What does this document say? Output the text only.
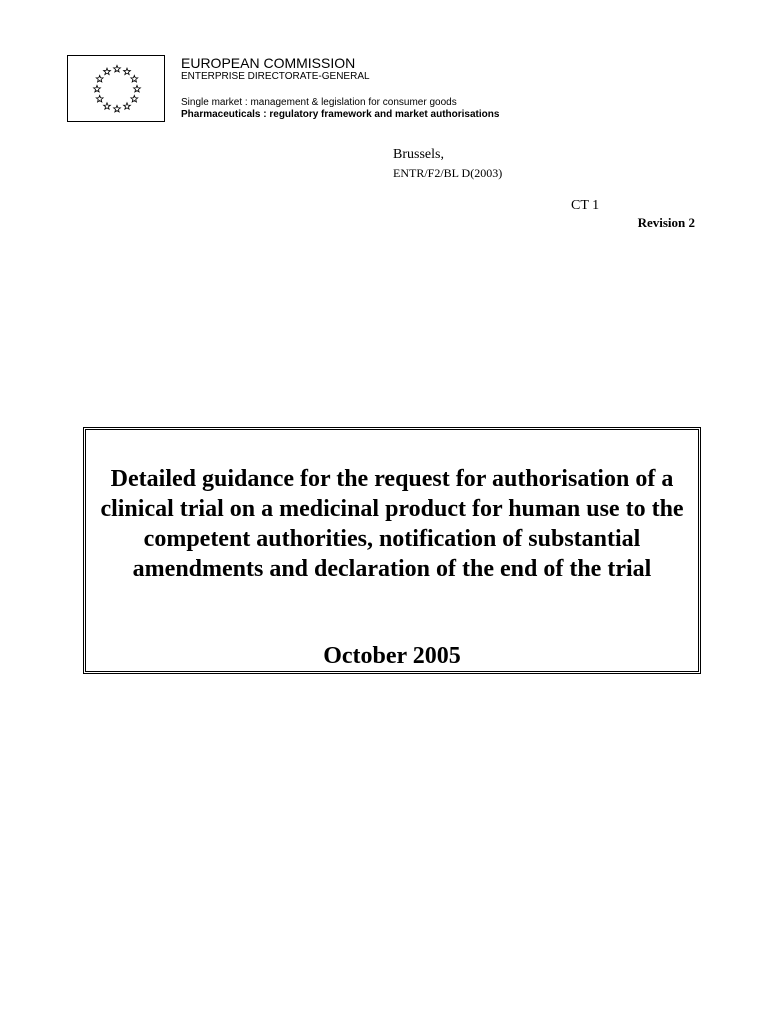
EUROPEAN COMMISSION
ENTERPRISE DIRECTORATE-GENERAL
Single market : management & legislation for consumer goods
Pharmaceuticals : regulatory framework and market authorisations
Brussels,
ENTR/F2/BL D(2003)
CT 1
Revision 2
Detailed guidance for the request for authorisation of a clinical trial on a medicinal product for human use to the competent authorities, notification of substantial amendments and declaration of the end of the trial
October 2005
